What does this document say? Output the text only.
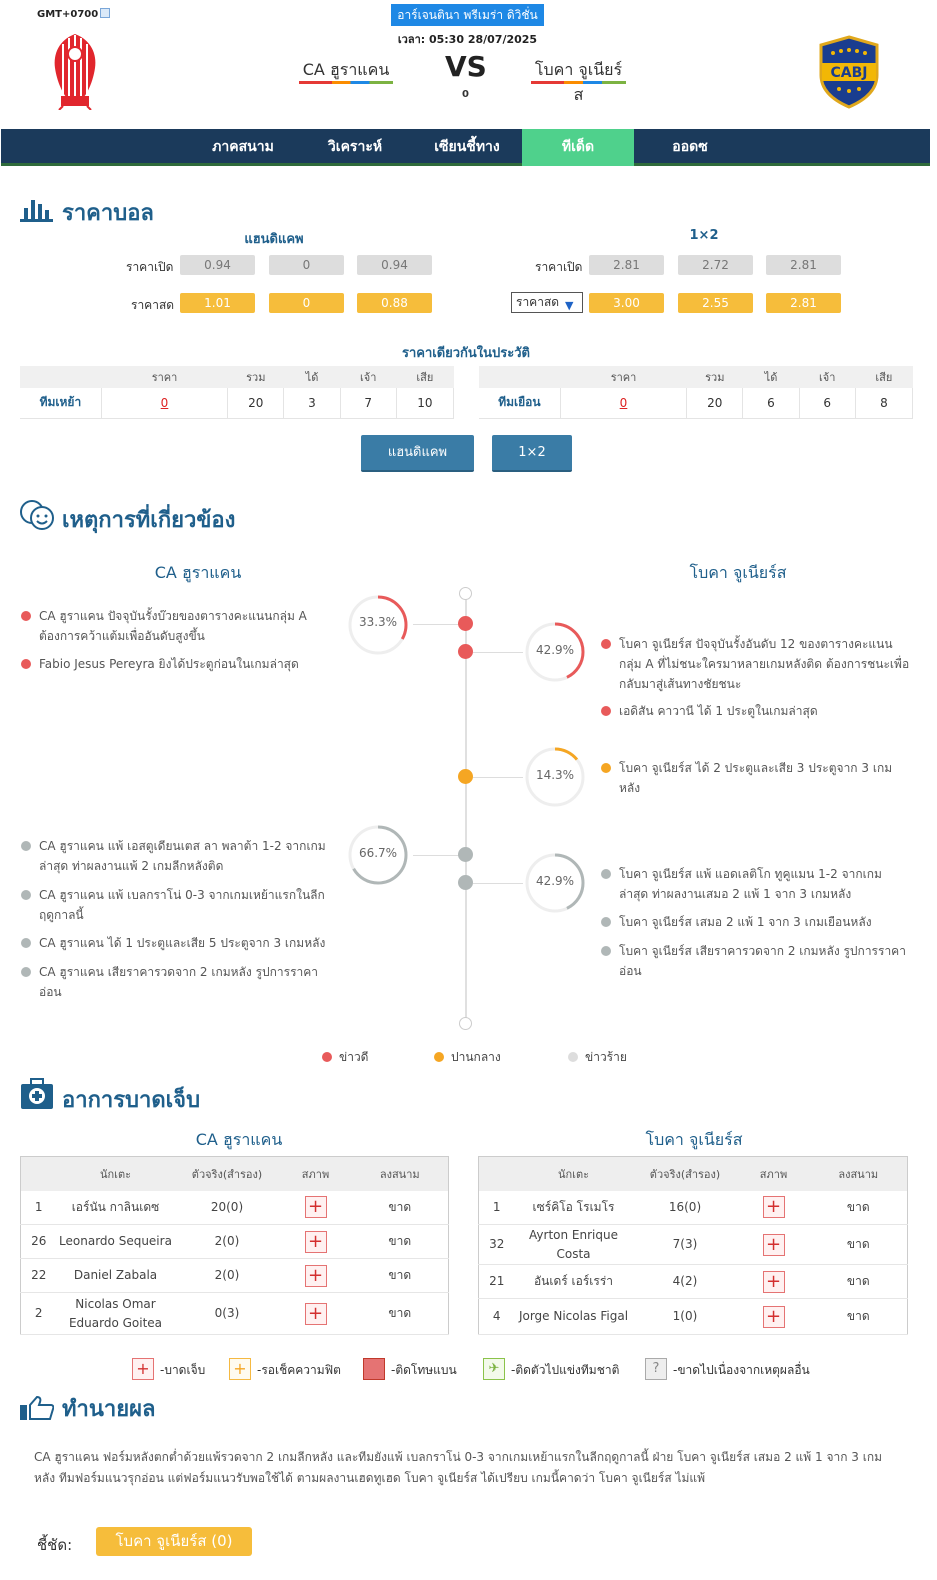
GMT+0700	อาร์เจนตินา พรีเมร่า ดิวิชั่น
เวลา: 05:30 28/07/2025
CA ฮูราแคน VS
0
โบคา จูเนียร์ส
CABJ
ภาคสนาม	วิเคราะห์	เซียนชี้ทาง	ทีเด็ด	ออดซ
ราคาบอล
แฮนดิแคพ	1×2
ราคาเปิด	0.94	0	0.94
ราคาสด	1.01	0	0.88
ราคาเปิด	2.81	2.72	2.81
ราคาสด ▼	3.00	2.55	2.81
ราคาเดียวกันในประวัติ
	ราคา	รวม	ได้	เจ้า	เสีย
ทีมเหย้า	0	20	3	7	10
	ราคา	รวม	ได้	เจ้า	เสีย
ทีมเยือน	0	20	6	6	8
แฮนดิแคพ	1×2
เหตุการที่เกี่ยวข้อง
CA ฮูราแคน	โบคา จูเนียร์ส
33.3%
42.9%
CA ฮูราแคน ปัจจุบันรั้งบ๊วยของตารางคะแนนกลุ่ม A ต้องการคว้าแต้มเพื่ออันดับสูงขึ้น
Fabio Jesus Pereyra ยิงได้ประตูก่อนในเกมล่าสุด
โบคา จูเนียร์ส ปัจจุบันรั้งอันดับ 12 ของตารางคะแนนกลุ่ม A ที่ไม่ชนะใครมาหลายเกมหลังติด ต้องการชนะเพื่อกลับมาสู่เส้นทางชัยชนะ
เอดิสัน คาวานี ได้ 1 ประตูในเกมล่าสุด
14.3%	โบคา จูเนียร์ส ได้ 2 ประตูและเสีย 3 ประตูจาก 3 เกมหลัง
66.7%
42.9%
CA ฮูราแคน แพ้ เอสตูเดียนเตส ลา พลาต้า 1-2 จากเกมล่าสุด ท่าผลงานแพ้ 2 เกมลีกหลังติด
CA ฮูราแคน แพ้ เบลกราโน่ 0-3 จากเกมเหย้าแรกในลีกฤดูกาลนี้
CA ฮูราแคน ได้ 1 ประตูและเสีย 5 ประตูจาก 3 เกมหลัง
CA ฮูราแคน เสียราคารวดจาก 2 เกมหลัง รูปการราคาอ่อน
โบคา จูเนียร์ส แพ้ แอดเลติโก ทูคูแมน 1-2 จากเกมล่าสุด ท่าผลงานเสมอ 2 แพ้ 1 จาก 3 เกมหลัง
โบคา จูเนียร์ส เสมอ 2 แพ้ 1 จาก 3 เกมเยือนหลัง
โบคา จูเนียร์ส เสียราคารวดจาก 2 เกมหลัง รูปการราคาอ่อน
ข่าวดี	ปานกลาง	ข่าวร้าย
อาการบาดเจ็บ
CA ฮูราแคน	โบคา จูเนียร์ส
	นักเตะ	ตัวจริง(สำรอง)	สภาพ	ลงสนาม
1	เอร์นัน กาลินเดซ	20(0)	+	ขาด
26	Leonardo Sequeira	2(0)	+	ขาด
22	Daniel Zabala	2(0)	+	ขาด
2	Nicolas Omar Eduardo Goitea	0(3)	+	ขาด
	นักเตะ	ตัวจริง(สำรอง)	สภาพ	ลงสนาม
1	เซร์คิโอ โรเมโร	16(0)	+	ขาด
32	Ayrton Enrique Costa	7(3)	+	ขาด
21	อันเดร์ เอร์เรร่า	4(2)	+	ขาด
4	Jorge Nicolas Figal	1(0)	+	ขาด
+ -บาดเจ็บ + -รอเช็คความฟิต	-ติดโทษแบน	✈ -ติดตัวไปแข่งทีมชาติ	?	-ขาดไปเนื่องจากเหตุผลอื่น
ทำนายผล
CA ฮูราแคน ฟอร์มหลังตกต่ำด้วยแพ้รวดจาก 2 เกมลีกหลัง และทีมยังแพ้ เบลกราโน่ 0-3 จากเกมเหย้าแรกในลีกฤดูกาลนี้ ฝ่าย โบคา จูเนียร์ส เสมอ 2 แพ้ 1 จาก 3 เกมหลัง ทีมฟอร์มแนวรุกอ่อน แต่ฟอร์มแนวรับพอใช้ได้ ตามผลงานเฮดทูเฮด โบคา จูเนียร์ส ได้เปรียบ เกมนี้คาดว่า โบคา จูเนียร์ส ไม่แพ้
ชี้ชัด:	โบคา จูเนียร์ส (0)
